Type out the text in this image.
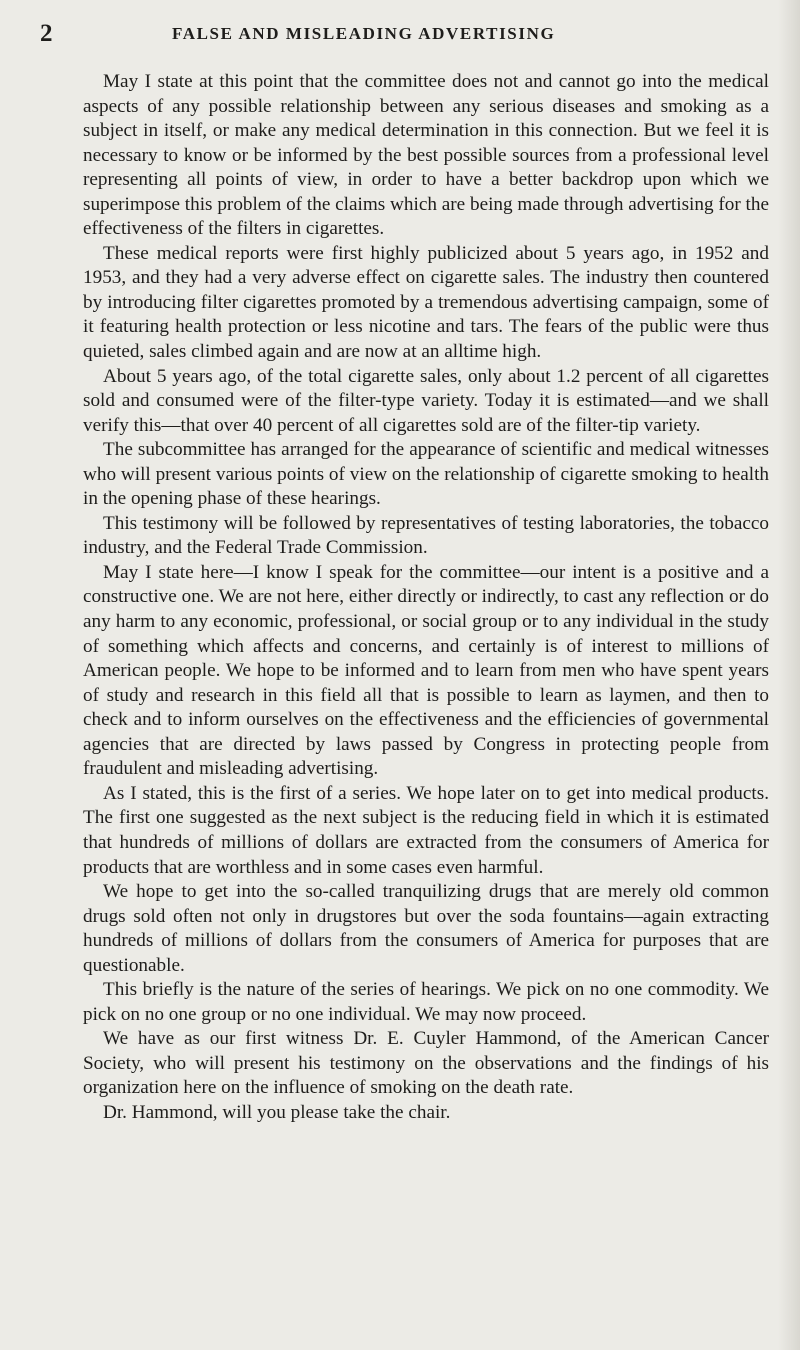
2	FALSE AND MISLEADING ADVERTISING

May I state at this point that the committee does not and cannot go into the medical aspects of any possible relationship between any serious diseases and smoking as a subject in itself, or make any medical determination in this connection. But we feel it is necessary to know or be informed by the best possible sources from a professional level representing all points of view, in order to have a better backdrop upon which we superimpose this problem of the claims which are being made through advertising for the effectiveness of the filters in cigarettes.

These medical reports were first highly publicized about 5 years ago, in 1952 and 1953, and they had a very adverse effect on cigarette sales. The industry then countered by introducing filter cigarettes promoted by a tremendous advertising campaign, some of it featuring health protection or less nicotine and tars. The fears of the public were thus quieted, sales climbed again and are now at an alltime high.

About 5 years ago, of the total cigarette sales, only about 1.2 percent of all cigarettes sold and consumed were of the filter-type variety. Today it is estimated—and we shall verify this—that over 40 percent of all cigarettes sold are of the filter-tip variety.

The subcommittee has arranged for the appearance of scientific and medical witnesses who will present various points of view on the relationship of cigarette smoking to health in the opening phase of these hearings.

This testimony will be followed by representatives of testing laboratories, the tobacco industry, and the Federal Trade Commission.

May I state here—I know I speak for the committee—our intent is a positive and a constructive one. We are not here, either directly or indirectly, to cast any reflection or do any harm to any economic, professional, or social group or to any individual in the study of something which affects and concerns, and certainly is of interest to millions of American people. We hope to be informed and to learn from men who have spent years of study and research in this field all that is possible to learn as laymen, and then to check and to inform ourselves on the effectiveness and the efficiencies of governmental agencies that are directed by laws passed by Congress in protecting people from fraudulent and misleading advertising.

As I stated, this is the first of a series. We hope later on to get into medical products. The first one suggested as the next subject is the reducing field in which it is estimated that hundreds of millions of dollars are extracted from the consumers of America for products that are worthless and in some cases even harmful.

We hope to get into the so-called tranquilizing drugs that are merely old common drugs sold often not only in drugstores but over the soda fountains—again extracting hundreds of millions of dollars from the consumers of America for purposes that are questionable.

This briefly is the nature of the series of hearings. We pick on no one commodity. We pick on no one group or no one individual. We may now proceed.

We have as our first witness Dr. E. Cuyler Hammond, of the American Cancer Society, who will present his testimony on the observations and the findings of his organization here on the influence of smoking on the death rate.

Dr. Hammond, will you please take the chair.
